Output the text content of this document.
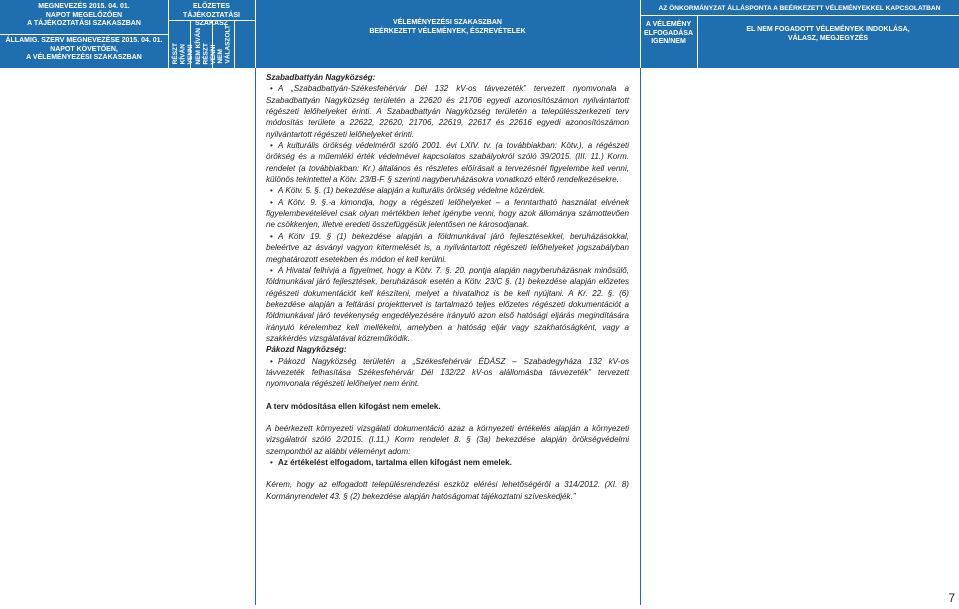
MEGNEVEZÉS 2015. 04. 01.
NAPOT MEGELŐZŐEN
A TÁJÉKOZTATÁSI SZAKASZBAN
ÁLLAMIG. SZERV MEGNEVEZÉSE 2015. 04. 01.
NAPOT KÖVETŐEN,
A VÉLEMÉNYEZÉSI SZAKASZBAN
ELŐZETES TÁJÉKOZTATÁSI
SZAKASZ
RÉSZT
KÍVÁN
VENNI NEM KÍVÁN
RÉSZT
VENNI NEM
VÁLASZOLT
VÉLEMÉNYEZÉSI SZAKASZBAN
BEÉRKEZETT VÉLEMÉNYEK, ÉSZREVÉTELEK
AZ ÖNKORMÁNYZAT ÁLLÁSPONTA A BEÉRKEZETT VÉLEMÉNYEKKEL KAPCSOLATBAN
A VÉLEMÉNY
ELFOGADÁSA
IGEN/NEM
EL NEM FOGADOTT VÉLEMÉNYEK INDOKLÁSA,
VÁLASZ, MEGJEGYZÉS

Szabadbattyán Nagyközség:

• A „Szabadbattyán-Székesfehérvár Dél 132 kV-os távvezeték” tervezett nyomvonala a Szabadbattyán Nagyközség területén a 22620 és 21706 egyedi azonosítószámon nyilvántartott régészeti lelőhelyeket érinti. A Szabadbattyán Nagyközség területén a településszerkezeti terv módosítás területe a 22622, 22620, 21706, 22619, 22617 és 22616 egyedi azonosítószámon nyilvántartott régészeti lelőhelyeket érinti.

• A kulturális örökség védelméről szóló 2001. évi LXIV. tv. (a továbbiakban: Kötv.), a régészeti örökség és a műemléki érték védelmével kapcsolatos szabályokról szóló 39/2015. (III. 11.) Korm. rendelet (a továbbiakban: Kr.) általános és részletes előírásait a tervezésnél figyelembe kell venni, különös tekintettel a Kötv. 23/B-F. § szerinti nagyberuházásokra vonatkozó eltérő rendelkezésekre.

• A Kötv. 5. §. (1) bekezdése alapján a kulturális örökség védelme közérdek.

• A Kötv. 9. §.-a kimondja, hogy a régészeti lelőhelyeket – a fenntartható használat elvének figyelembevételével csak olyan mértékben lehet igénybe venni, hogy azok állománya számottevően ne csökkenjen, illetve eredeti összefüggésük jelentősen ne károsodjanak.

• A Kötv 19. § (1) bekezdése alapján a földmunkával járó fejlesztésekkel, beruházásokkal, beleértve az ásványi vagyon kitermelését is, a nyilvántartott régészeti lelőhelyeket jogszabályban meghatározott esetekben és módon el kell kerülni.

• A Hivatal felhívja a figyelmet, hogy a Kötv. 7. §. 20. pontja alapján nagyberuházásnak minősülő, földmunkával járó fejlesztések, beruházások esetén a Kötv. 23/C §. (1) bekezdése alapján előzetes régészeti dokumentációt kell készíteni, melyet a hivatalhoz is be kell nyújtani. A Kr. 22. §. (6) bekezdése alapján a feltárási projekttervet is tartalmazó teljes előzetes régészeti dokumentációt a földmunkával járó tevékenység engedélyezésére irányuló azon első hatósági eljárás megindítására irányuló kérelemhez kell mellékelni, amelyben a hatóság eljár vagy szakhatóságként, vagy a szakkérdés vizsgálatával közreműködik.

Pákozd Nagyközség:

• Pákozd Nagyközség területén a „Székesfehérvár ÉDÁSZ – Szabadegyháza 132 kV-os távvezeték felhasítása Székesfehérvár Dél 132/22 kV-os alállomásba távvezeték” tervezett nyomvonala régészeti lelőhelyet nem érint.

A terv módosítása ellen kifogást nem emelek.

A beérkezett környezeti vizsgálati dokumentáció azaz a környezeti értékelés alapján a környezeti vizsgálatról szóló 2/2015. (I.11.) Korm rendelet 8. § (3a) bekezdése alapján örökségvédelmi szempontból az alábbi véleményt adom:

• Az értékelést elfogadom, tartalma ellen kifogást nem emelek.

Kérem, hogy az elfogadott településrendezési eszköz elérési lehetőségéről a 314/2012. (XI. 8) Kormányrendelet 43. § (2) bekezdése alapján hatóságomat tájékoztatni szíveskedjék.”

7
